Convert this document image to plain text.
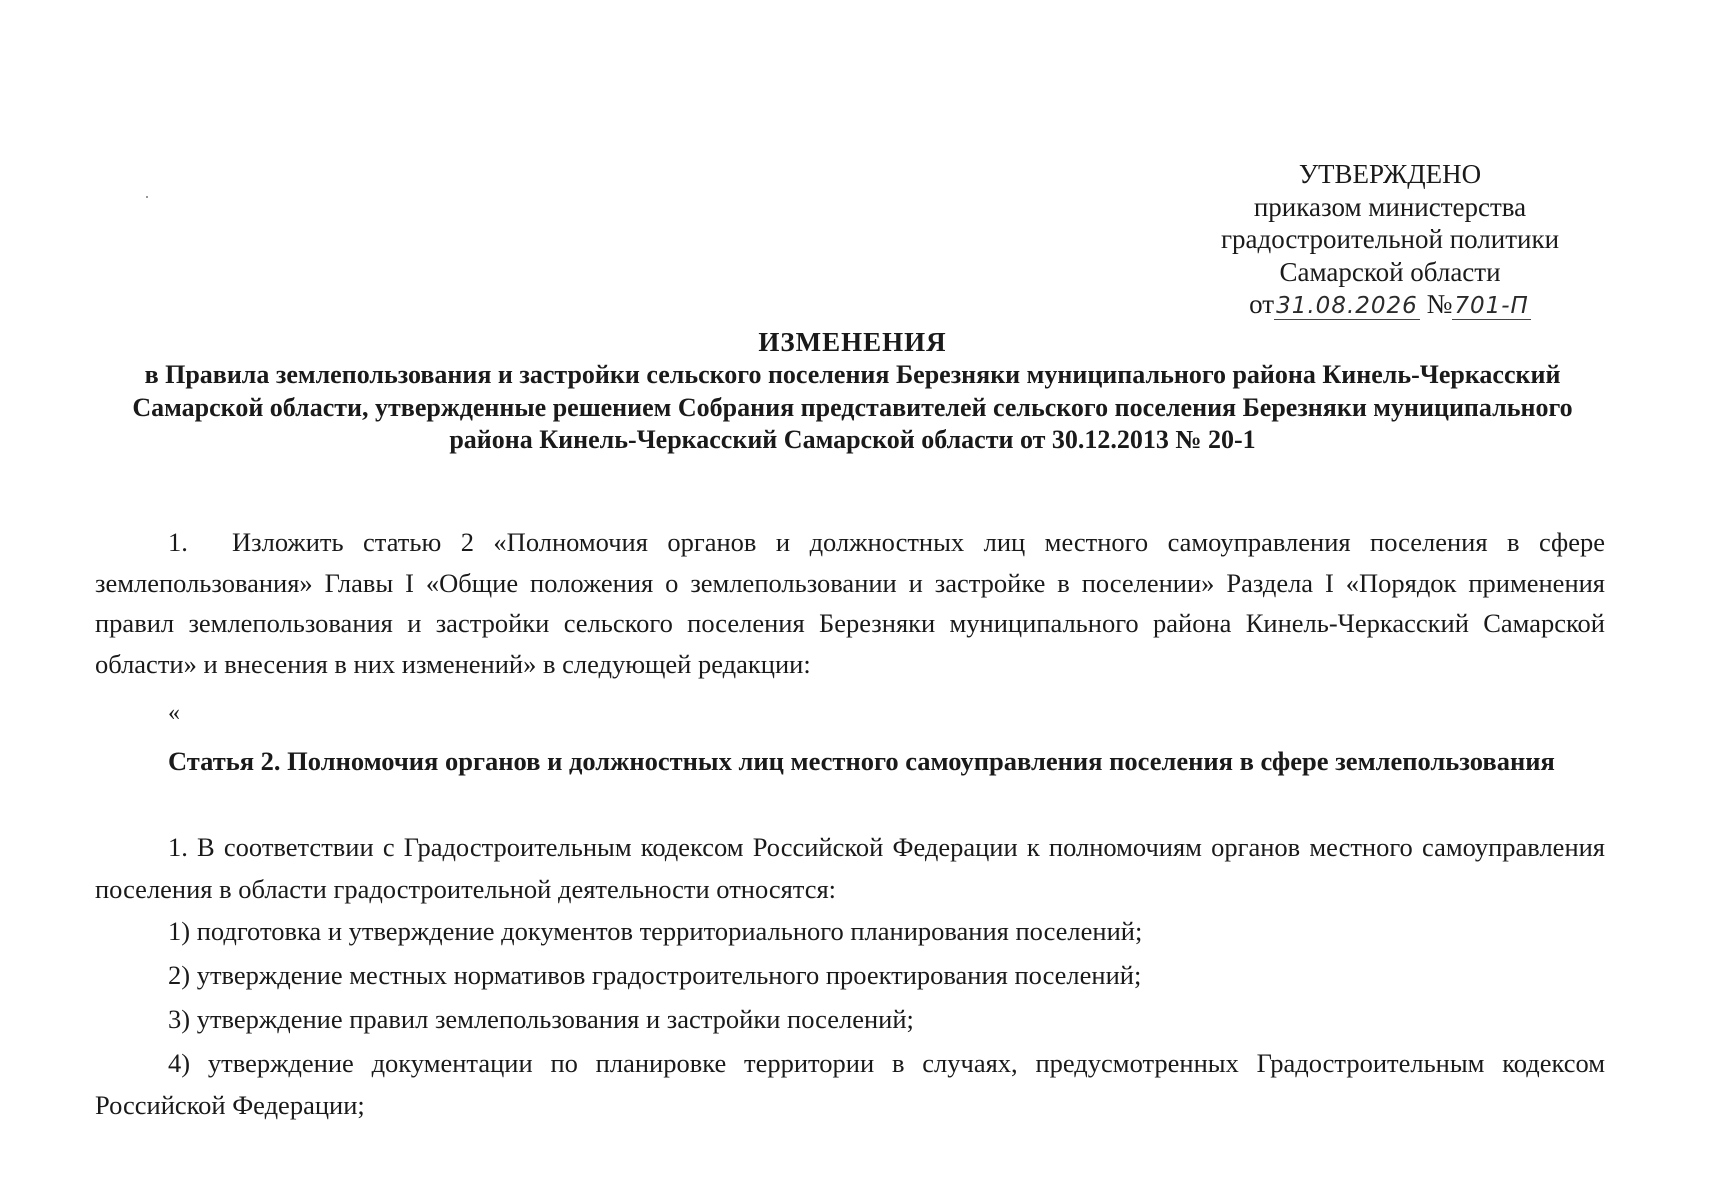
УТВЕРЖДЕНО
приказом министерства
градостроительной политики
Самарской области
от31.08.2026 №701-П
ИЗМЕНЕНИЯ
в Правила землепользования и застройки сельского поселения Березняки муниципального района Кинель-Черкасский Самарской области, утвержденные решением Собрания представителей сельского поселения Березняки муниципального района Кинель-Черкасский Самарской области от 30.12.2013 № 20-1
1. Изложить статью 2 «Полномочия органов и должностных лиц местного самоуправления поселения в сфере землепользования» Главы I «Общие положения о землепользовании и застройке в поселении» Раздела I «Порядок применения правил землепользования и застройки сельского поселения Березняки муниципального района Кинель-Черкасский Самарской области» и внесения в них изменений» в следующей редакции:
«
Статья 2. Полномочия органов и должностных лиц местного самоуправления поселения в сфере землепользования

1. В соответствии с Градостроительным кодексом Российской Федерации к полномочиям органов местного самоуправления поселения в области градостроительной деятельности относятся:

1) подготовка и утверждение документов территориального планирования поселений;

2) утверждение местных нормативов градостроительного проектирования поселений;

3) утверждение правил землепользования и застройки поселений;

4) утверждение документации по планировке территории в случаях, предусмотренных Градостроительным кодексом Российской Федерации;
